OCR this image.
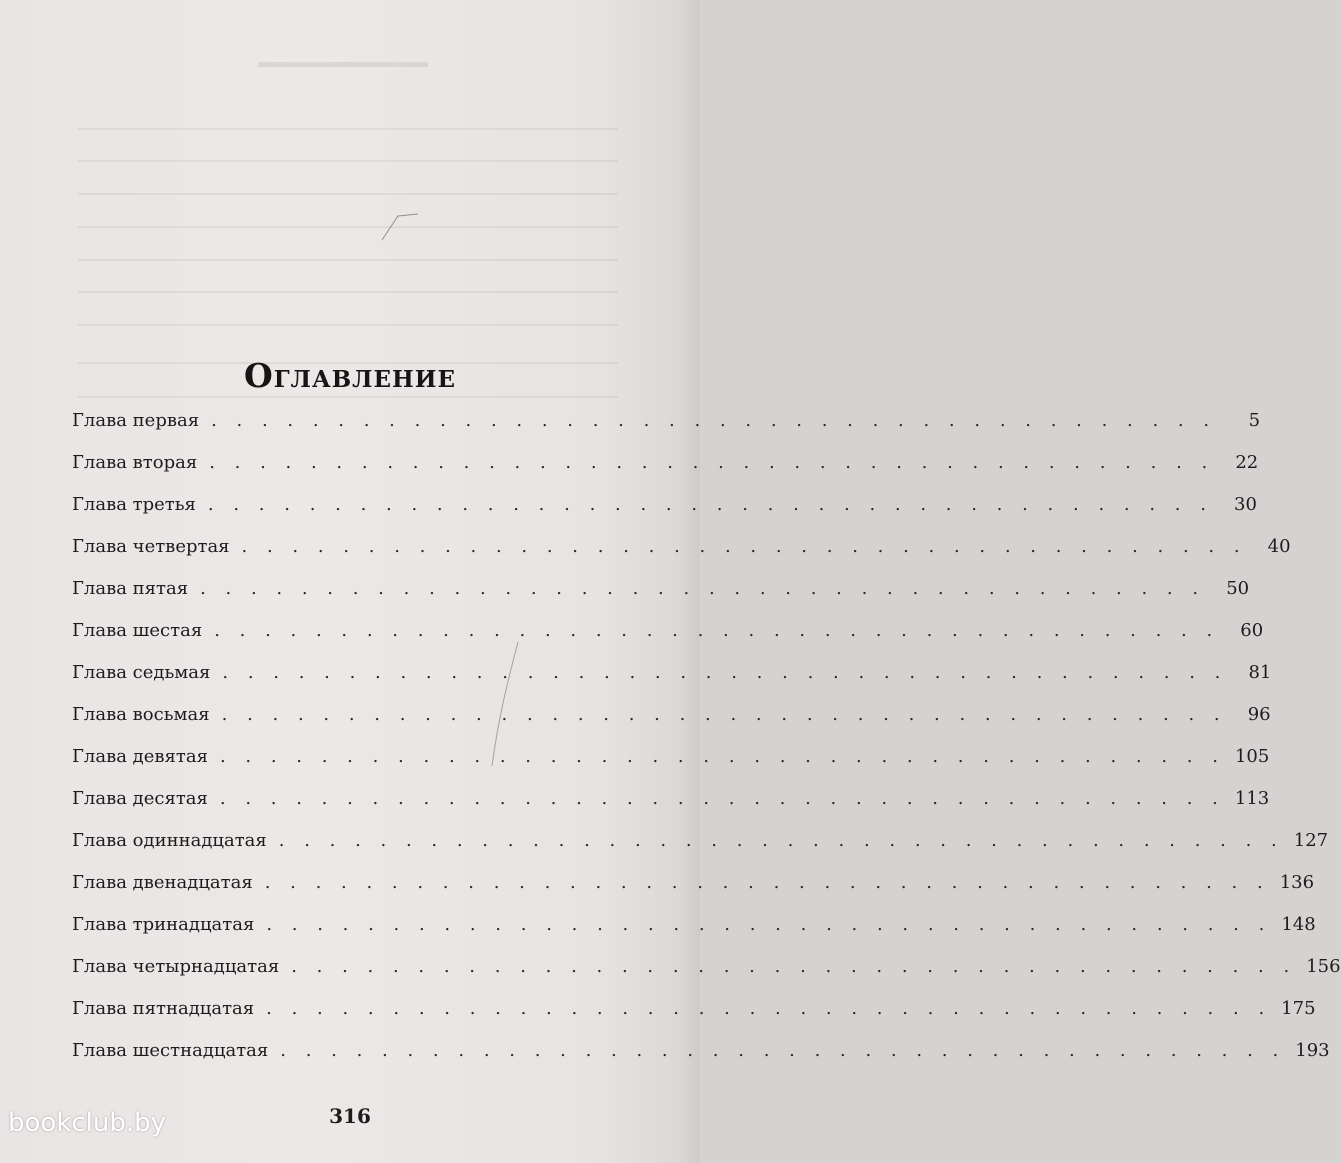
Оглавление
Глава первая . . . . . . . . . . . . . . . . . . . . . . . . . . . . . . . . . . . . . . . .	5
Глава вторая . . . . . . . . . . . . . . . . . . . . . . . . . . . . . . . . . . . . . . . .	22
Глава третья . . . . . . . . . . . . . . . . . . . . . . . . . . . . . . . . . . . . . . . .	30
Глава четвертая . . . . . . . . . . . . . . . . . . . . . . . . . . . . . . . . . . . . . . . .	40
Глава пятая . . . . . . . . . . . . . . . . . . . . . . . . . . . . . . . . . . . . . . . .	50
Глава шестая . . . . . . . . . . . . . . . . . . . . . . . . . . . . . . . . . . . . . . . .	60
Глава седьмая . . . . . . . . . . . . . . . . . . . . . . . . . . . . . . . . . . . . . . . .	81
Глава восьмая . . . . . . . . . . . . . . . . . . . . . . . . . . . . . . . . . . . . . . . .	96
Глава девятая . . . . . . . . . . . . . . . . . . . . . . . . . . . . . . . . . . . . . . . . 105
Глава десятая . . . . . . . . . . . . . . . . . . . . . . . . . . . . . . . . . . . . . . . . 113
Глава одиннадцатая . . . . . . . . . . . . . . . . . . . . . . . . . . . . . . . . . . . . . . . . 127
Глава двенадцатая . . . . . . . . . . . . . . . . . . . . . . . . . . . . . . . . . . . . . . . . 136
Глава тринадцатая . . . . . . . . . . . . . . . . . . . . . . . . . . . . . . . . . . . . . . . . 148
Глава четырнадцатая . . . . . . . . . . . . . . . . . . . . . . . . . . . . . . . . . . . . . . . . 156
Глава пятнадцатая . . . . . . . . . . . . . . . . . . . . . . . . . . . . . . . . . . . . . . . . 175
Глава шестнадцатая . . . . . . . . . . . . . . . . . . . . . . . . . . . . . . . . . . . . . . . . 193
316
bookclub.by
